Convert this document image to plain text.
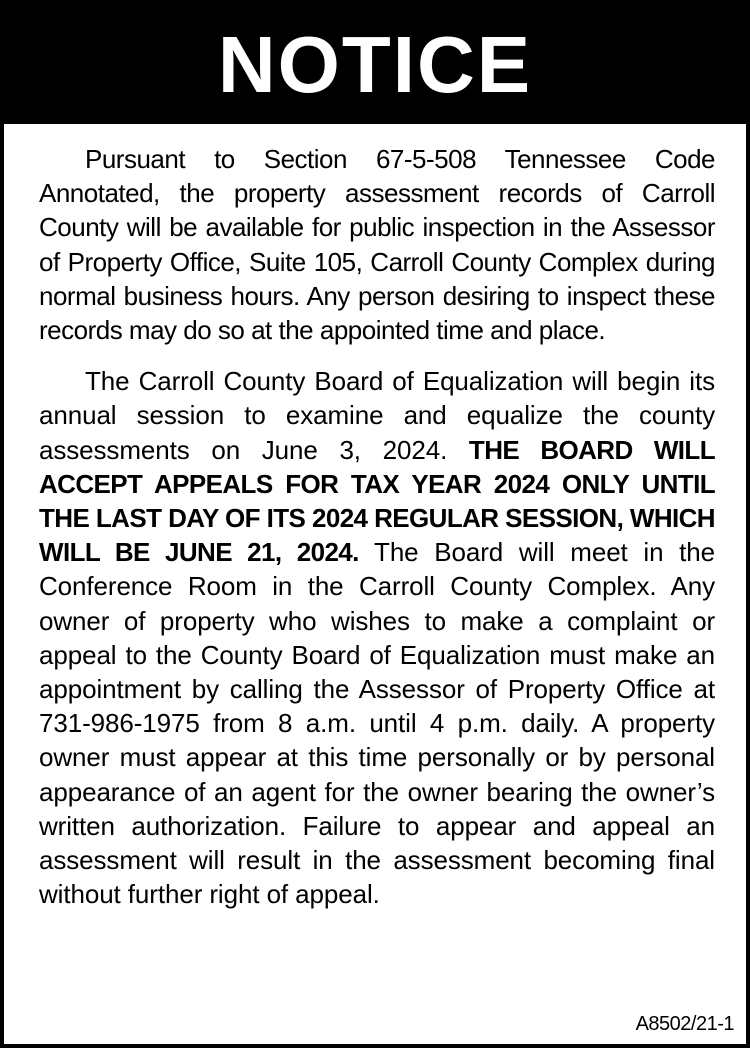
NOTICE

Pursuant to Section 67-5-508 Tennessee Code Annotated, the property assessment records of Carroll County will be available for public inspection in the Assessor of Property Office, Suite 105, Carroll County Complex during normal business hours. Any person desiring to inspect these records may do so at the appointed time and place.

The Carroll County Board of Equalization will begin its annual session to examine and equalize the county assessments on June 3, 2024. THE BOARD WILL ACCEPT APPEALS FOR TAX YEAR 2024 ONLY UNTIL THE LAST DAY OF ITS 2024 REGULAR SESSION, WHICH WILL BE JUNE 21, 2024. The Board will meet in the Conference Room in the Carroll County Complex. Any owner of property who wishes to make a complaint or appeal to the County Board of Equalization must make an appointment by calling the Assessor of Property Office at 731-986-1975 from 8 a.m. until 4 p.m. daily. A property owner must appear at this time personally or by personal appearance of an agent for the owner bearing the owner’s written authorization. Failure to appear and appeal an assessment will result in the assessment becoming final without further right of appeal.

A8502/21-1
